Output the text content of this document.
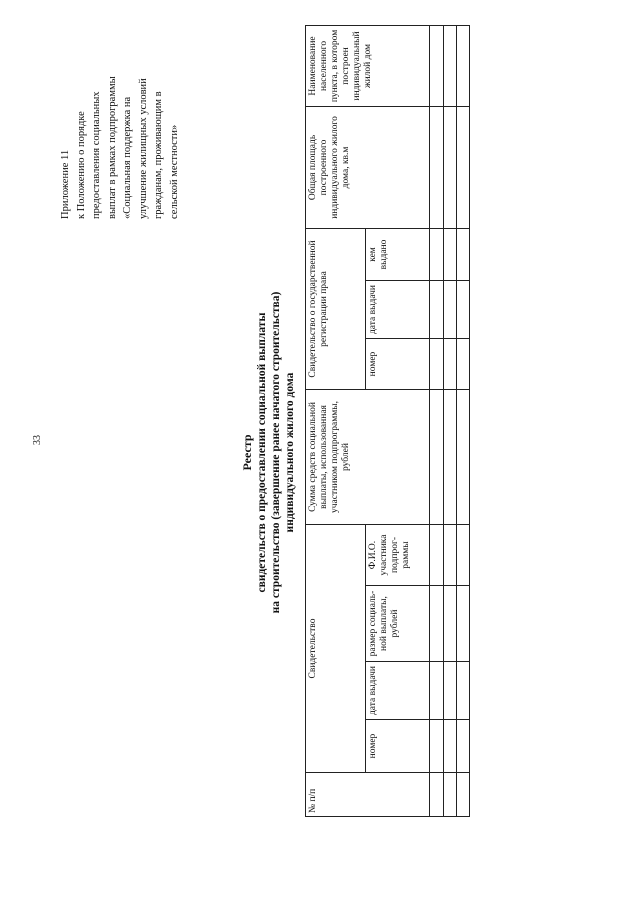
33
Приложение 11 к Положению о порядке предоставления социальных выплат в рамках подпрограммы «Социальная поддержка на улучшение жилищных условий гражданам, проживающим в сельской местности»
Реестр свидетельств о предоставлении социальной выплаты на строительство (завершение ранее начатого строительства) индивидуального жилого дома
№ п/п	Свидетельство				Сумма средств социальной выплаты, использованная участником подпрограммы, рублей	Свидетельство о государственной регистрации права			Общая площадь построенного индивидуального жилого дома, кв.м	Наименование населенного пункта, в котором построен индивидуальный жилой дом
	номер	дата выдачи	размер социаль-ной выплаты, рублей	Ф.И.О. участника подпрог-раммы		номер	дата выдачи	кем выдано		
